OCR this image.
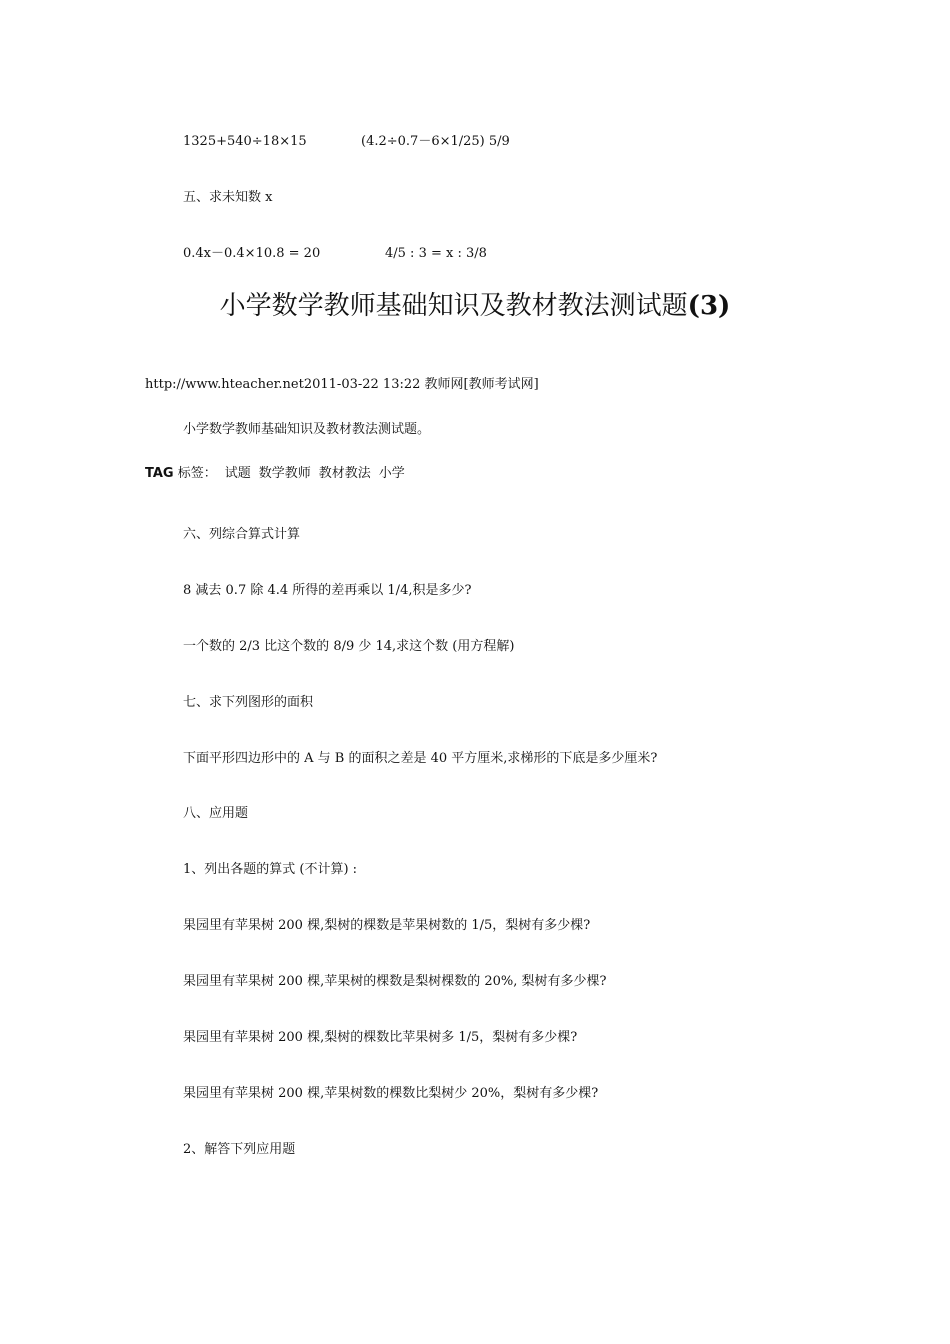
1325+540÷18×15	(4.2÷0.7－6×1/25) 5/9
五、求未知数 x
0.4x－0.4×10.8 = 20	4/5 : 3 = x : 3/8
小学数学教师基础知识及教材教法测试题(3)
http://www.hteacher.net2011-03-22 13:22 教师网[教师考试网]
小学数学教师基础知识及教材教法测试题。
TAG 标签： 试题 数学教师 教材教法 小学
六、列综合算式计算
8 减去 0.7 除 4.4 所得的差再乘以 1/4,积是多少?
一个数的 2/3 比这个数的 8/9 少 14,求这个数 (用方程解)
七、求下列图形的面积
下面平形四边形中的 A 与 B 的面积之差是 40 平方厘米,求梯形的下底是多少厘米?
八、应用题
1、列出各题的算式 (不计算) :
果园里有苹果树 200 棵,梨树的棵数是苹果树数的 1/5，梨树有多少棵?
果园里有苹果树 200 棵,苹果树的棵数是梨树棵数的 20%, 梨树有多少棵?
果园里有苹果树 200 棵,梨树的棵数比苹果树多 1/5，梨树有多少棵?
果园里有苹果树 200 棵,苹果树数的棵数比梨树少 20%，梨树有多少棵?
2、解答下列应用题
